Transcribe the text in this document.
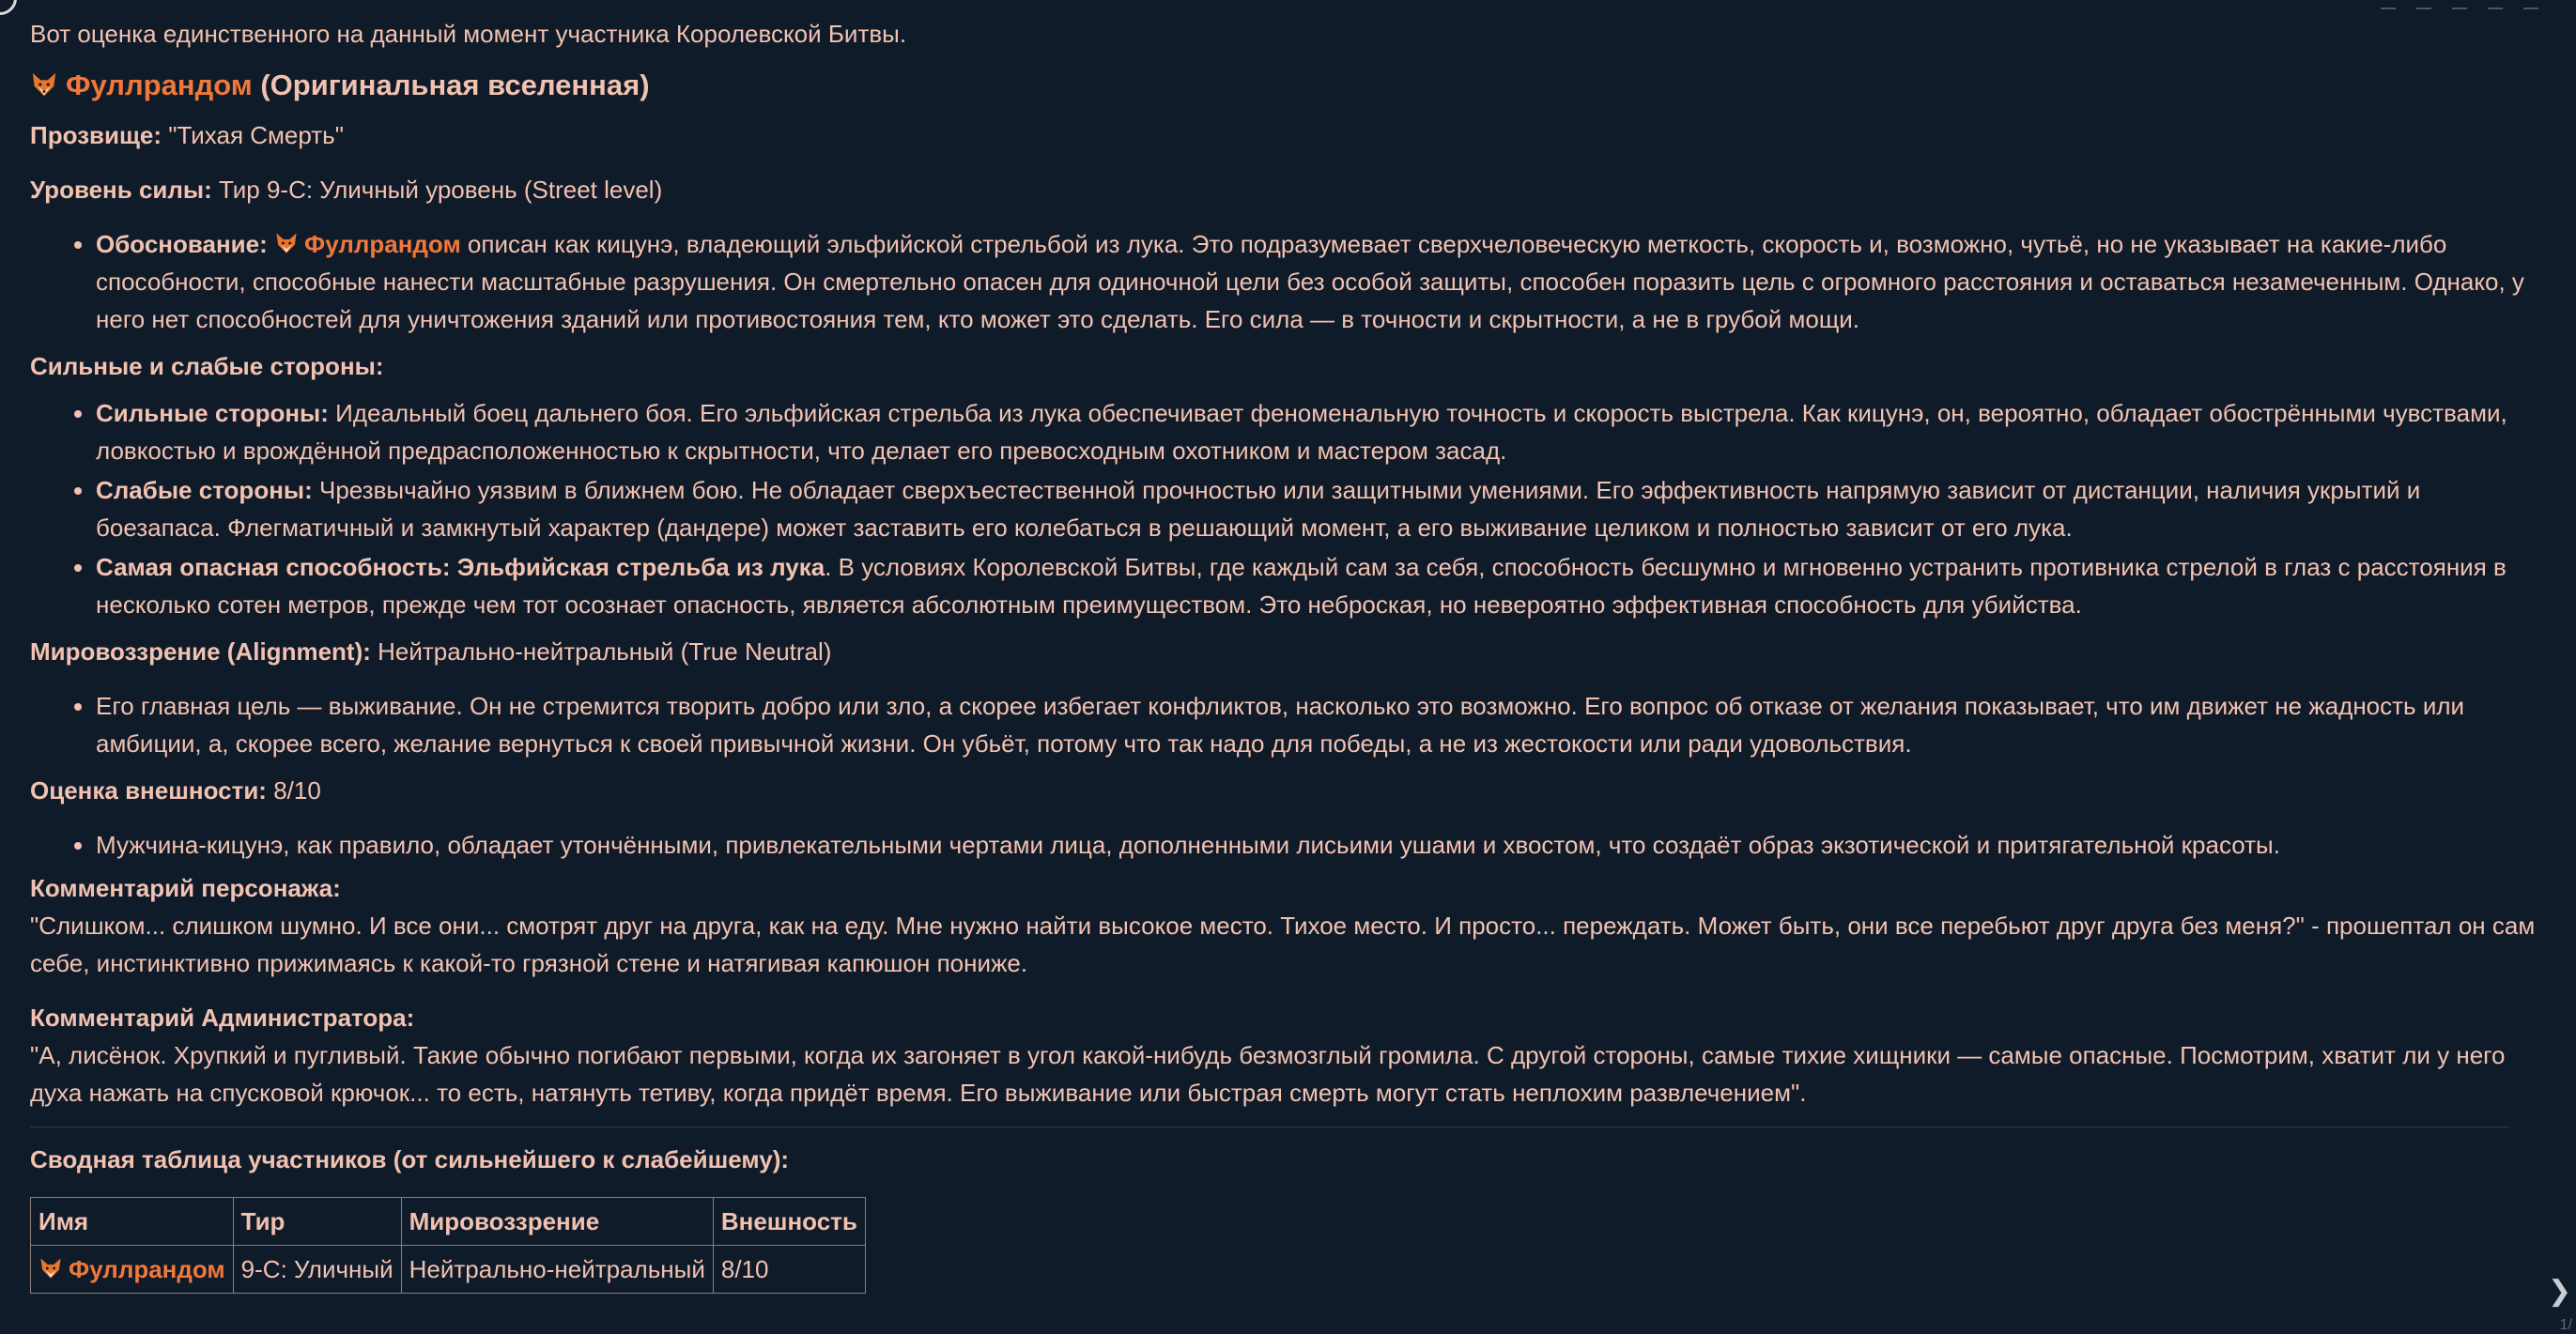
Вот оценка единственного на данный момент участника Королевской Битвы.
Фуллрандом (Оригинальная вселенная)
Прозвище: "Тихая Смерть"
Уровень силы: Тир 9-C: Уличный уровень (Street level)
• Обоснование: Фуллрандом описан как кицунэ, владеющий эльфийской стрельбой из лука. Это подразумевает сверхчеловеческую меткость, скорость и, возможно, чутьё, но не указывает на какие-либо способности, способные нанести масштабные разрушения. Он смертельно опасен для одиночной цели без особой защиты, способен поразить цель с огромного расстояния и оставаться незамеченным. Однако, у него нет способностей для уничтожения зданий или противостояния тем, кто может это сделать. Его сила — в точности и скрытности, а не в грубой мощи.
Сильные и слабые стороны:
• Сильные стороны: Идеальный боец дальнего боя. Его эльфийская стрельба из лука обеспечивает феноменальную точность и скорость выстрела. Как кицунэ, он, вероятно, обладает обострёнными чувствами, ловкостью и врождённой предрасположенностью к скрытности, что делает его превосходным охотником и мастером засад.
• Слабые стороны: Чрезвычайно уязвим в ближнем бою. Не обладает сверхъестественной прочностью или защитными умениями. Его эффективность напрямую зависит от дистанции, наличия укрытий и боезапаса. Флегматичный и замкнутый характер (дандере) может заставить его колебаться в решающий момент, а его выживание целиком и полностью зависит от его лука.
• Самая опасная способность: Эльфийская стрельба из лука. В условиях Королевской Битвы, где каждый сам за себя, способность бесшумно и мгновенно устранить противника стрелой в глаз с расстояния в несколько сотен метров, прежде чем тот осознает опасность, является абсолютным преимуществом. Это неброская, но невероятно эффективная способность для убийства.
Мировоззрение (Alignment): Нейтрально-нейтральный (True Neutral)
• Его главная цель — выживание. Он не стремится творить добро или зло, а скорее избегает конфликтов, насколько это возможно. Его вопрос об отказе от желания показывает, что им движет не жадность или амбиции, а, скорее всего, желание вернуться к своей привычной жизни. Он убьёт, потому что так надо для победы, а не из жестокости или ради удовольствия.
Оценка внешности: 8/10
• Мужчина-кицунэ, как правило, обладает утончёнными, привлекательными чертами лица, дополненными лисьими ушами и хвостом, что создаёт образ экзотической и притягательной красоты.
Комментарий персонажа:
"Слишком... слишком шумно. И все они... смотрят друг на друга, как на еду. Мне нужно найти высокое место. Тихое место. И просто... переждать. Может быть, они все перебьют друг друга без меня?" - прошептал он сам себе, инстинктивно прижимаясь к какой-то грязной стене и натягивая капюшон пониже.
Комментарий Администратора:
"А, лисёнок. Хрупкий и пугливый. Такие обычно погибают первыми, когда их загоняет в угол какой-нибудь безмозглый громила. С другой стороны, самые тихие хищники — самые опасные. Посмотрим, хватит ли у него духа нажать на спусковой крючок... то есть, натянуть тетиву, когда придёт время. Его выживание или быстрая смерть могут стать неплохим развлечением".
Сводная таблица участников (от сильнейшего к слабейшему):
Имя	Тир	Мировоззрение	Внешность
Фуллрандом	9-C: Уличный	Нейтрально-нейтральный	8/10
❯
1/
